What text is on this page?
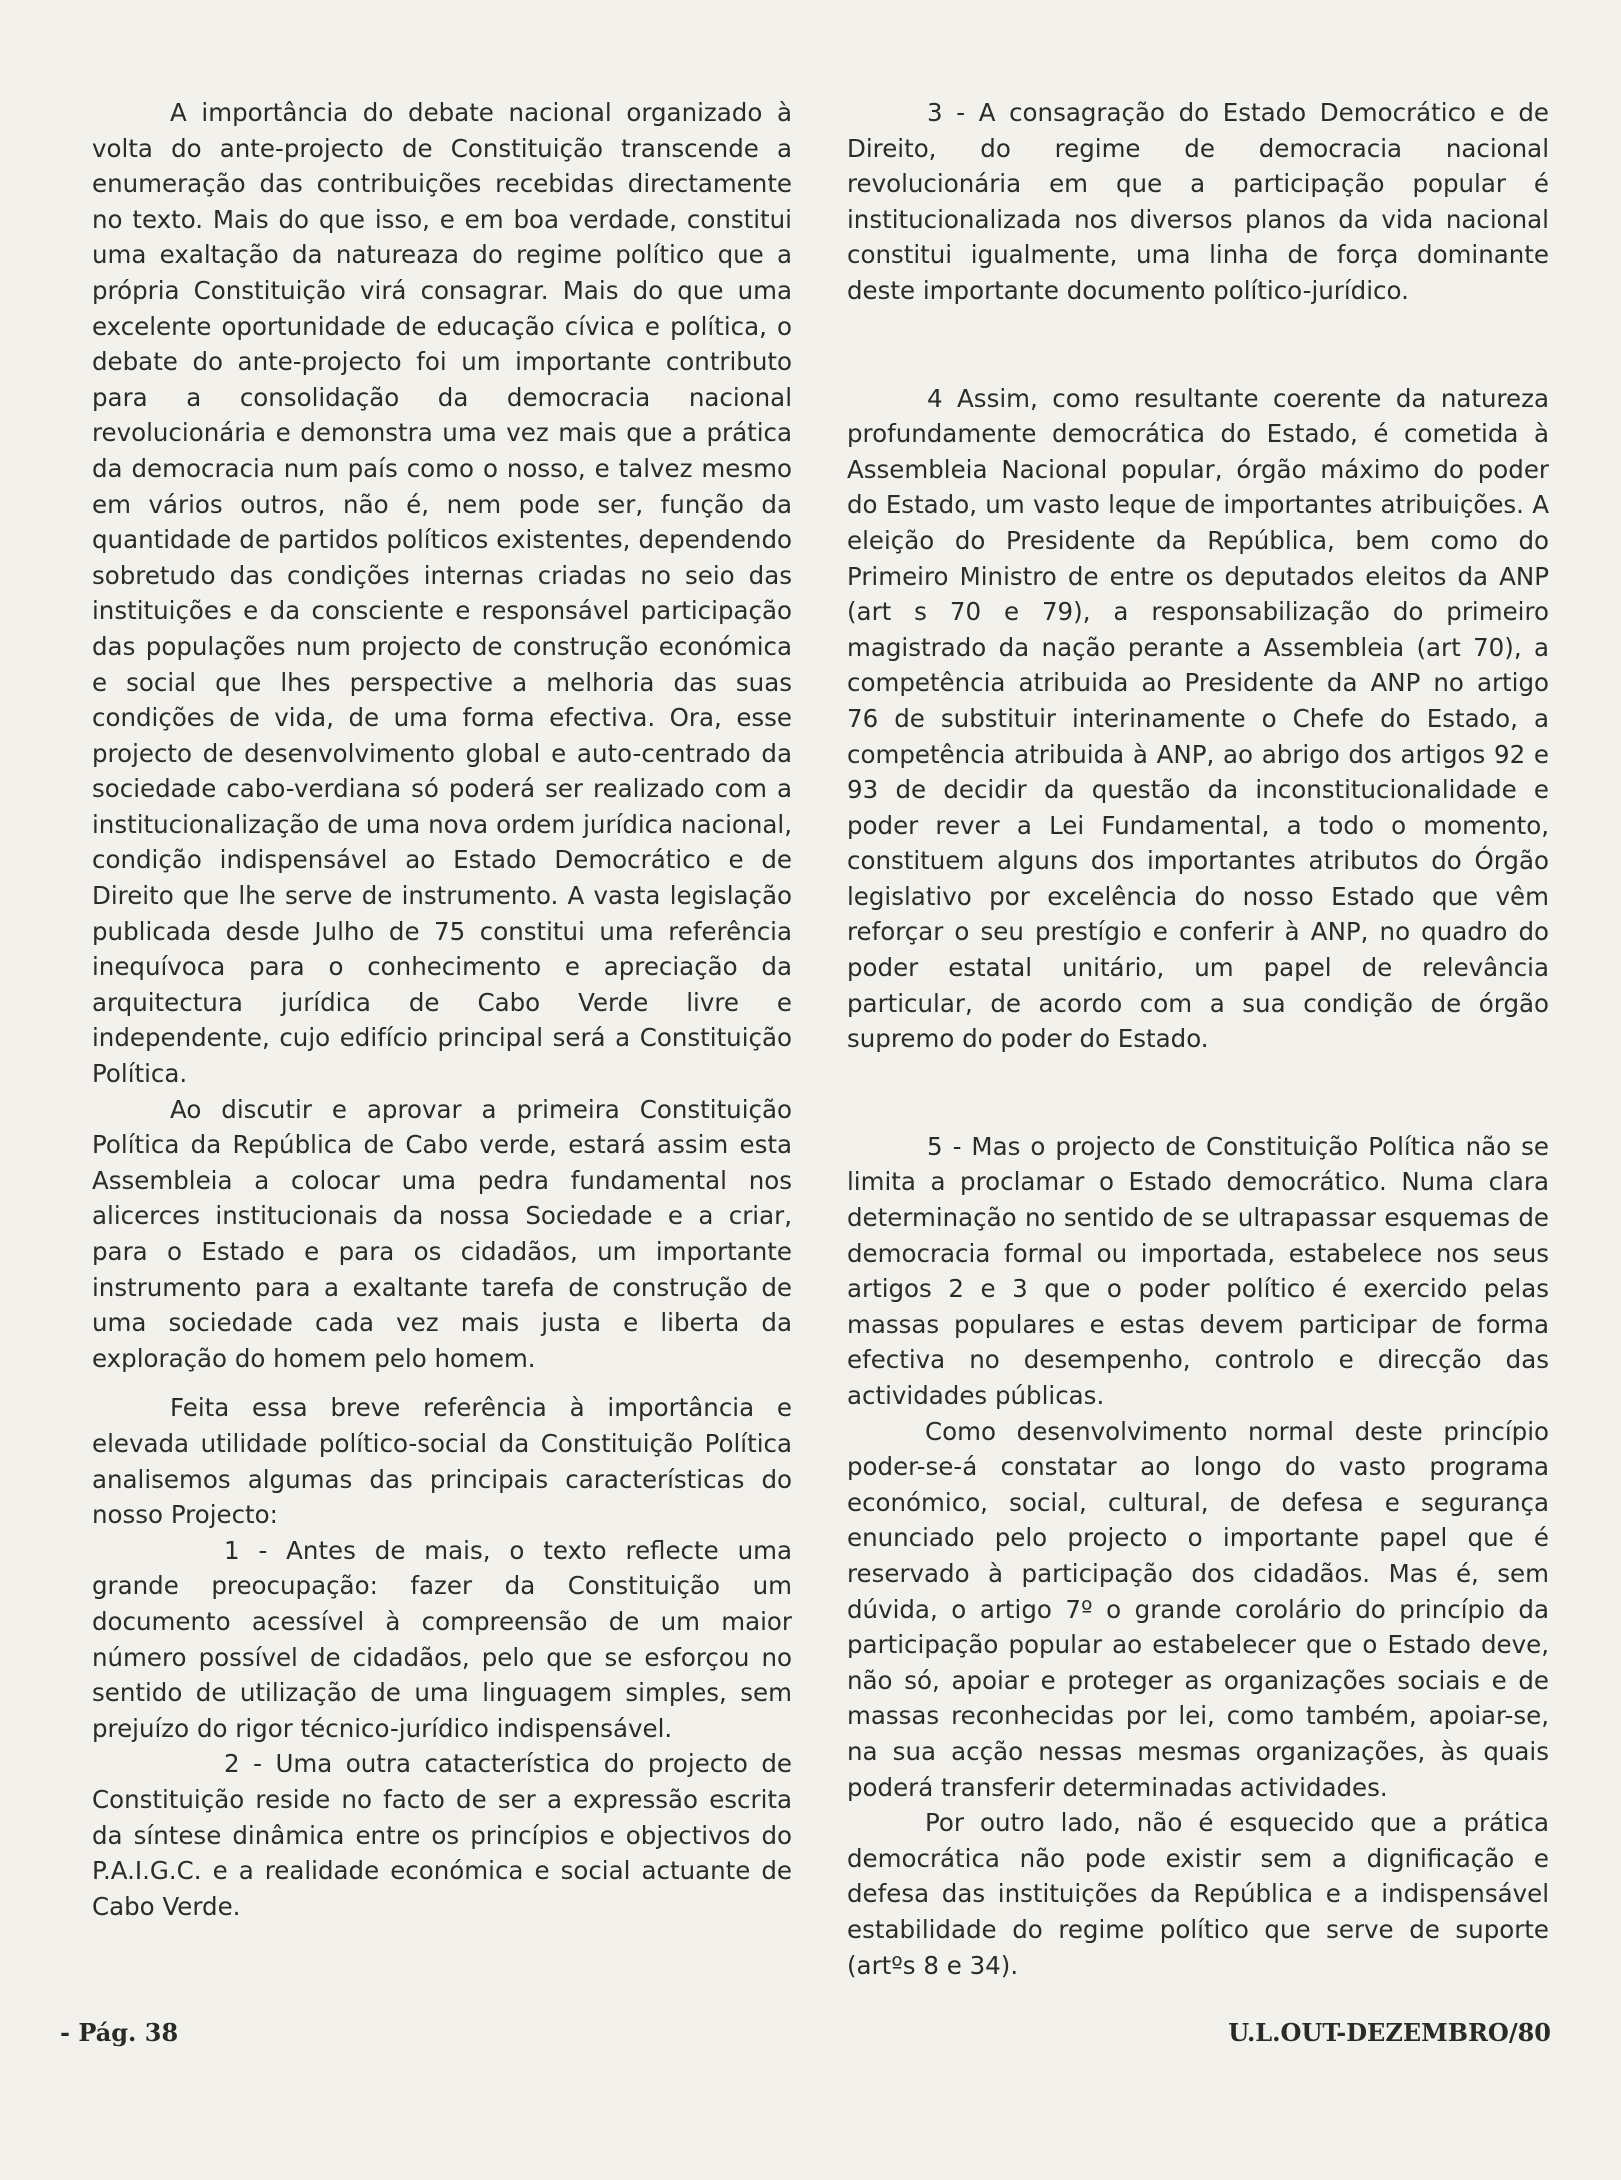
A importância do debate nacional organizado à volta do ante-projecto de Constituição transcende a enumeração das contribuições recebidas directamente no texto. Mais do que isso, e em boa verdade, constitui uma exaltação da natureaza do regime político que a própria Constituição virá consagrar. Mais do que uma excelente oportunidade de educação cívica e política, o debate do ante-projecto foi um importante contributo para a consolidação da democracia nacional revolucionária e demonstra uma vez mais que a prática da democracia num país como o nosso, e talvez mesmo em vários outros, não é, nem pode ser, função da quantidade de partidos políticos existentes, dependendo sobretudo das condições internas criadas no seio das instituições e da consciente e responsável participação das populações num projecto de construção económica e social que lhes perspective a melhoria das suas condições de vida, de uma forma efectiva. Ora, esse projecto de desenvolvimento global e auto-centrado da sociedade cabo-verdiana só poderá ser realizado com a institucionalização de uma nova ordem jurídica nacional, condição indispensável ao Estado Democrático e de Direito que lhe serve de instrumento. A vasta legislação publicada desde Julho de 75 constitui uma referência inequívoca para o conhecimento e apreciação da arquitectura jurídica de Cabo Verde livre e independente, cujo edifício principal será a Constituição Política.

Ao discutir e aprovar a primeira Constituição Política da República de Cabo verde, estará assim esta Assembleia a colocar uma pedra fundamental nos alicerces institucionais da nossa Sociedade e a criar, para o Estado e para os cidadãos, um importante instrumento para a exaltante tarefa de construção de uma sociedade cada vez mais justa e liberta da exploração do homem pelo homem.

Feita essa breve referência à importância e elevada utilidade político-social da Constituição Política analisemos algumas das principais características do nosso Projecto:

1 - Antes de mais, o texto reflecte uma grande preocupação: fazer da Constituição um documento acessível à compreensão de um maior número possível de cidadãos, pelo que se esforçou no sentido de utilização de uma linguagem simples, sem prejuízo do rigor técnico-jurídico indispensável.

2 - Uma outra catacterística do projecto de Constituição reside no facto de ser a expressão escrita da síntese dinâmica entre os princípios e objectivos do P.A.I.G.C. e a realidade económica e social actuante de Cabo Verde.

3 - A consagração do Estado Democrático e de Direito, do regime de democracia nacional revolucionária em que a participação popular é institucionalizada nos diversos planos da vida nacional constitui igualmente, uma linha de força dominante deste importante documento político-jurídico.

4 Assim, como resultante coerente da natureza profundamente democrática do Estado, é cometida à Assembleia Nacional popular, órgão máximo do poder do Estado, um vasto leque de importantes atribuições. A eleição do Presidente da República, bem como do Primeiro Ministro de entre os deputados eleitos da ANP (art s 70 e 79), a responsabilização do primeiro magistrado da nação perante a Assembleia (art 70), a competência atribuida ao Presidente da ANP no artigo 76 de substituir interinamente o Chefe do Estado, a competência atribuida à ANP, ao abrigo dos artigos 92 e 93 de decidir da questão da inconstitucionalidade e poder rever a Lei Fundamental, a todo o momento, constituem alguns dos importantes atributos do Órgão legislativo por excelência do nosso Estado que vêm reforçar o seu prestígio e conferir à ANP, no quadro do poder estatal unitário, um papel de relevância particular, de acordo com a sua condição de órgão supremo do poder do Estado.

5 - Mas o projecto de Constituição Política não se limita a proclamar o Estado democrático. Numa clara determinação no sentido de se ultrapassar esquemas de democracia formal ou importada, estabelece nos seus artigos 2 e 3 que o poder político é exercido pelas massas populares e estas devem participar de forma efectiva no desempenho, controlo e direcção das actividades públicas.

Como desenvolvimento normal deste princípio poder-se-á constatar ao longo do vasto programa económico, social, cultural, de defesa e segurança enunciado pelo projecto o importante papel que é reservado à participação dos cidadãos. Mas é, sem dúvida, o artigo 7º o grande corolário do princípio da participação popular ao estabelecer que o Estado deve, não só, apoiar e proteger as organizações sociais e de massas reconhecidas por lei, como também, apoiar-se, na sua acção nessas mesmas organizações, às quais poderá transferir determinadas actividades.

Por outro lado, não é esquecido que a prática democrática não pode existir sem a dignificação e defesa das instituições da República e a indispensável estabilidade do regime político que serve de suporte (artºs 8 e 34).

- Pág. 38	U.L.OUT-DEZEMBRO/80
